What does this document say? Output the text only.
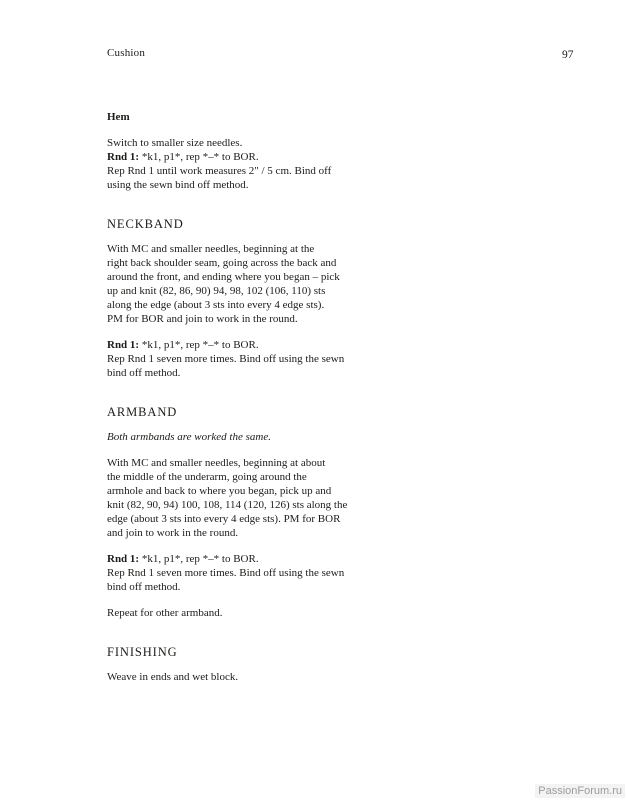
Cushion	97
Hem

Switch to smaller size needles.
Rnd 1: *k1, p1*, rep *–* to BOR.
Rep Rnd 1 until work measures 2" / 5 cm. Bind off
using the sewn bind off method.

NECKBAND

With MC and smaller needles, beginning at the
right back shoulder seam, going across the back and
around the front, and ending where you began – pick
up and knit (82, 86, 90) 94, 98, 102 (106, 110) sts
along the edge (about 3 sts into every 4 edge sts).
PM for BOR and join to work in the round.

Rnd 1: *k1, p1*, rep *–* to BOR.
Rep Rnd 1 seven more times. Bind off using the sewn
bind off method.

ARMBAND

Both armbands are worked the same.

With MC and smaller needles, beginning at about
the middle of the underarm, going around the
armhole and back to where you began, pick up and
knit (82, 90, 94) 100, 108, 114 (120, 126) sts along the
edge (about 3 sts into every 4 edge sts). PM for BOR
and join to work in the round.

Rnd 1: *k1, p1*, rep *–* to BOR.
Rep Rnd 1 seven more times. Bind off using the sewn
bind off method.

Repeat for other armband.

FINISHING

Weave in ends and wet block.

PassionForum.ru
